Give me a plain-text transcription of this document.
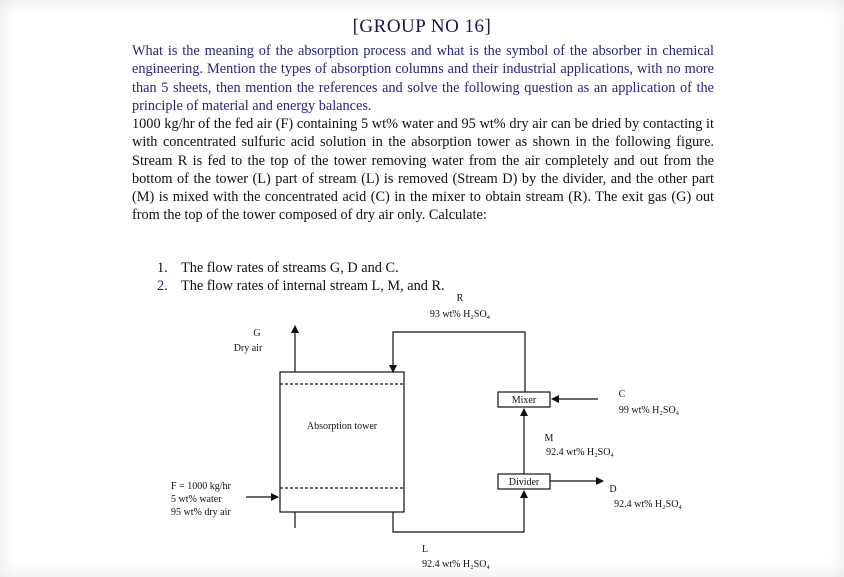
[GROUP NO 16]

What is the meaning of the absorption process and what is the symbol of the absorber in chemical engineering. Mention the types of absorption columns and their industrial applications, with no more than 5 sheets, then mention the references and solve the following question as an application of the principle of material and energy balances.

1000 kg/hr of the fed air (F) containing 5 wt% water and 95 wt% dry air can be dried by contacting it with concentrated sulfuric acid solution in the absorption tower as shown in the following figure. Stream R is fed to the top of the tower removing water from the air completely and out from the bottom of the tower (L) part of stream (L) is removed (Stream D) by the divider, and the other part (M) is mixed with the concentrated acid (C) in the mixer to obtain stream (R). The exit gas (G) out from the top of the tower composed of dry air only. Calculate:

1. The flow rates of streams G, D and C.
2. The flow rates of internal stream L, M, and R.
R
93 wt% H₂SO₄
G
Dry air
Absorption tower
Mixer
Divider
C
99 wt% H₂SO₄
M
92.4 wt% H₂SO₄
D
92.4 wt% H₂SO₄
F = 1000 kg/hr
5 wt% water
95 wt% dry air
L
92.4 wt% H₂SO₄
